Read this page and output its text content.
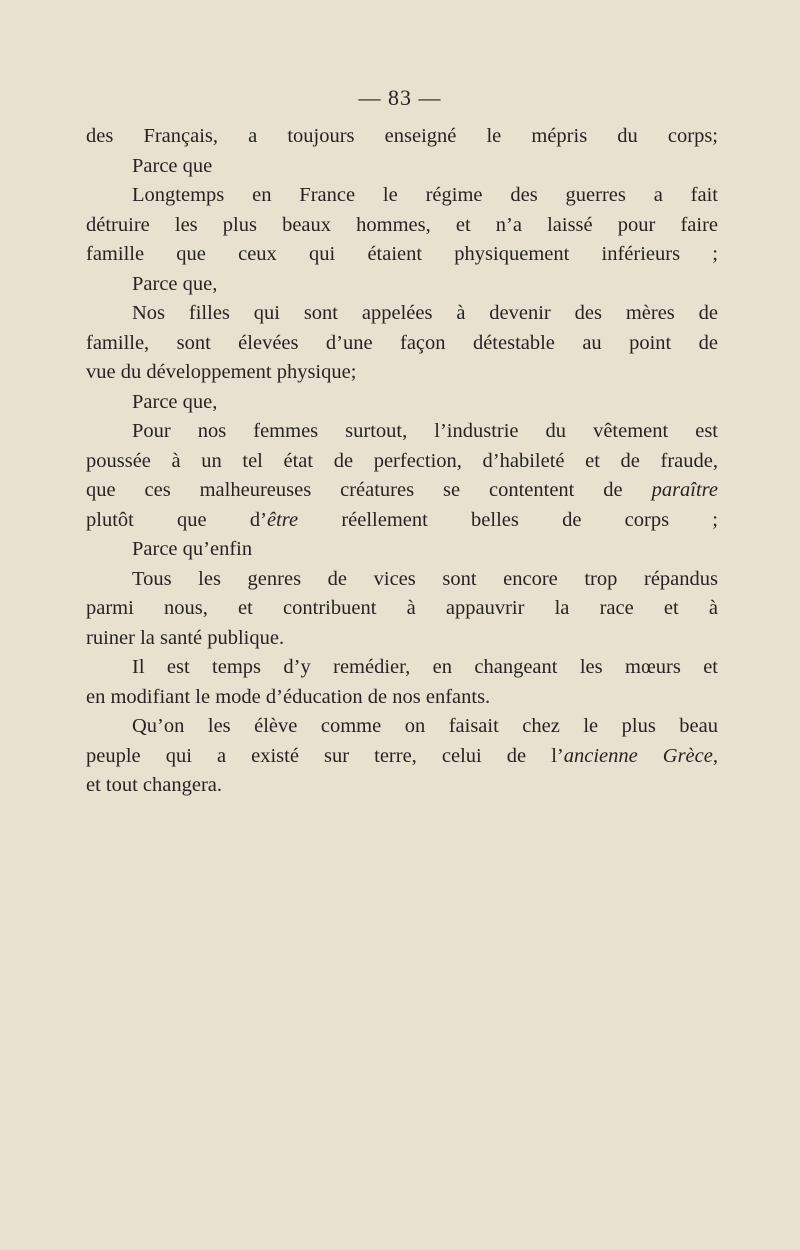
— 83 —
des Français, a toujours enseigné le mépris du corps;
Parce que
Longtemps en France le régime des guerres a fait
détruire les plus beaux hommes, et n’a laissé pour faire
famille que ceux qui étaient physiquement inférieurs ;
Parce que,
Nos filles qui sont appelées à devenir des mères de
famille, sont élevées d’une façon détestable au point de
vue du développement physique;
Parce que,
Pour nos femmes surtout, l’industrie du vêtement est
poussée à un tel état de perfection, d’habileté et de fraude,
que ces malheureuses créatures se contentent de paraître
plutôt que d’être réellement belles de corps ;
Parce qu’enfin
Tous les genres de vices sont encore trop répandus
parmi nous, et contribuent à appauvrir la race et à
ruiner la santé publique.
Il est temps d’y remédier, en changeant les mœurs et
en modifiant le mode d’éducation de nos enfants.
Qu’on les élève comme on faisait chez le plus beau
peuple qui a existé sur terre, celui de l’ancienne Grèce,
et tout changera.
